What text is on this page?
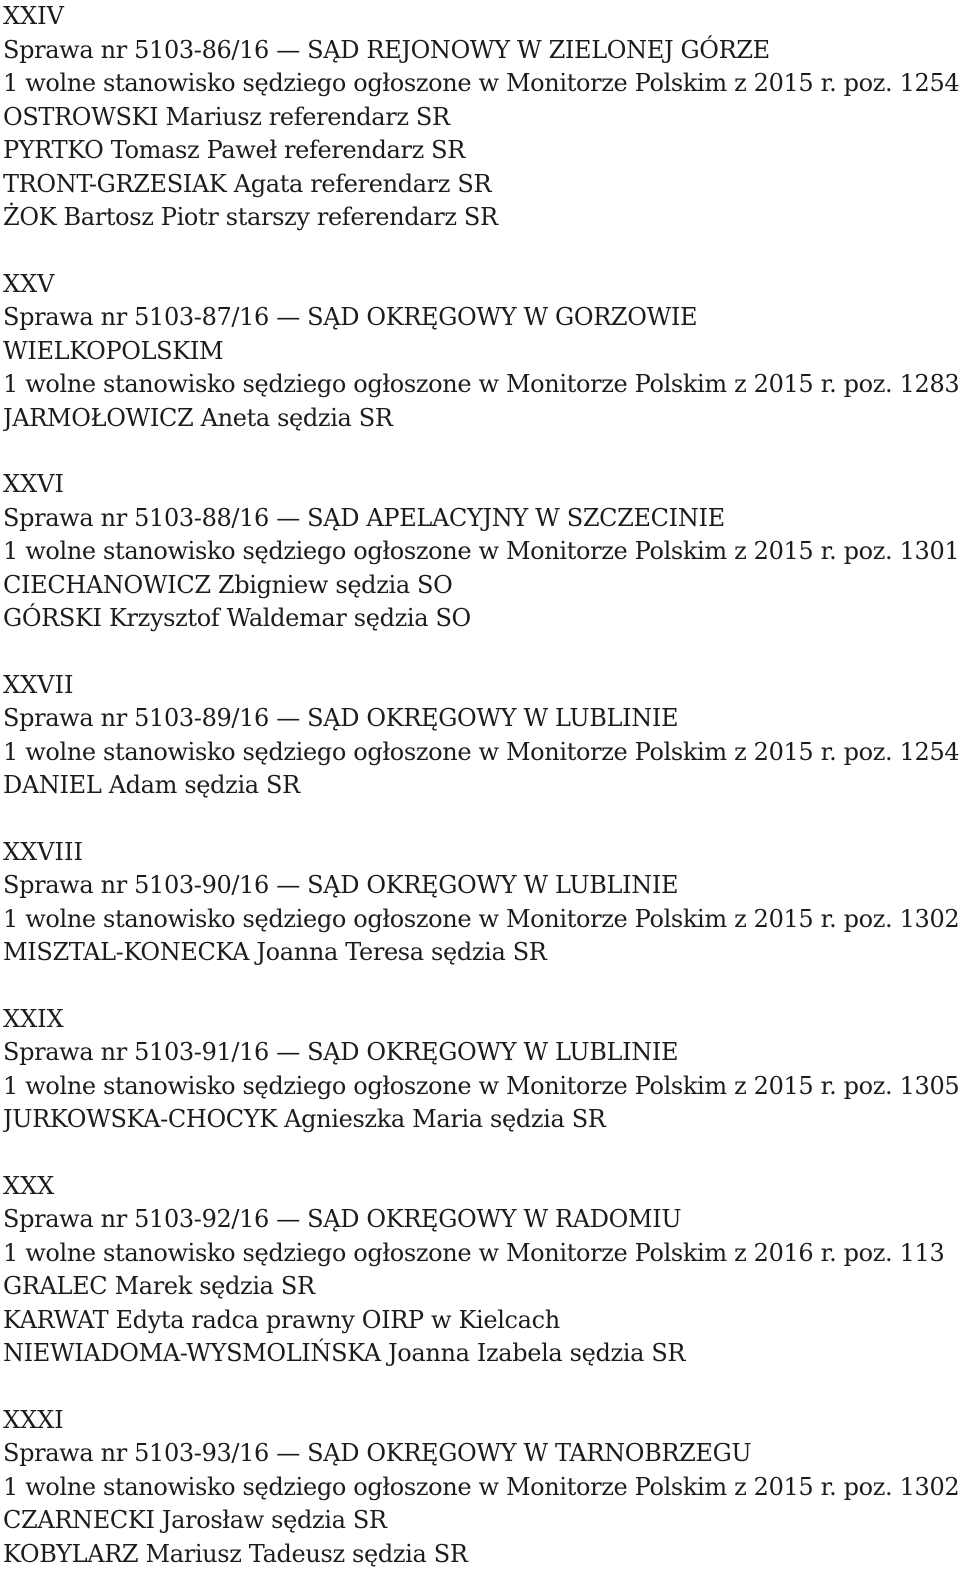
XXIV
Sprawa nr 5103-86/16 — SĄD REJONOWY W ZIELONEJ GÓRZE
1 wolne stanowisko sędziego ogłoszone w Monitorze Polskim z 2015 r. poz. 1254
OSTROWSKI Mariusz referendarz SR
PYRTKO Tomasz Paweł referendarz SR
TRONT-GRZESIAK Agata referendarz SR
ŻOK Bartosz Piotr starszy referendarz SR
XXV
Sprawa nr 5103-87/16 — SĄD OKRĘGOWY W GORZOWIE
WIELKOPOLSKIM
1 wolne stanowisko sędziego ogłoszone w Monitorze Polskim z 2015 r. poz. 1283
JARMOŁOWICZ Aneta sędzia SR
XXVI
Sprawa nr 5103-88/16 — SĄD APELACYJNY W SZCZECINIE
1 wolne stanowisko sędziego ogłoszone w Monitorze Polskim z 2015 r. poz. 1301
CIECHANOWICZ Zbigniew sędzia SO
GÓRSKI Krzysztof Waldemar sędzia SO
XXVII
Sprawa nr 5103-89/16 — SĄD OKRĘGOWY W LUBLINIE
1 wolne stanowisko sędziego ogłoszone w Monitorze Polskim z 2015 r. poz. 1254
DANIEL Adam sędzia SR
XXVIII
Sprawa nr 5103-90/16 — SĄD OKRĘGOWY W LUBLINIE
1 wolne stanowisko sędziego ogłoszone w Monitorze Polskim z 2015 r. poz. 1302
MISZTAL-KONECKA Joanna Teresa sędzia SR
XXIX
Sprawa nr 5103-91/16 — SĄD OKRĘGOWY W LUBLINIE
1 wolne stanowisko sędziego ogłoszone w Monitorze Polskim z 2015 r. poz. 1305
JURKOWSKA-CHOCYK Agnieszka Maria sędzia SR
XXX
Sprawa nr 5103-92/16 — SĄD OKRĘGOWY W RADOMIU
1 wolne stanowisko sędziego ogłoszone w Monitorze Polskim z 2016 r. poz. 113
GRALEC Marek sędzia SR
KARWAT Edyta radca prawny OIRP w Kielcach
NIEWIADOMA-WYSMOLIŃSKA Joanna Izabela sędzia SR
XXXI
Sprawa nr 5103-93/16 — SĄD OKRĘGOWY W TARNOBRZEGU
1 wolne stanowisko sędziego ogłoszone w Monitorze Polskim z 2015 r. poz. 1302
CZARNECKI Jarosław sędzia SR
KOBYLARZ Mariusz Tadeusz sędzia SR
